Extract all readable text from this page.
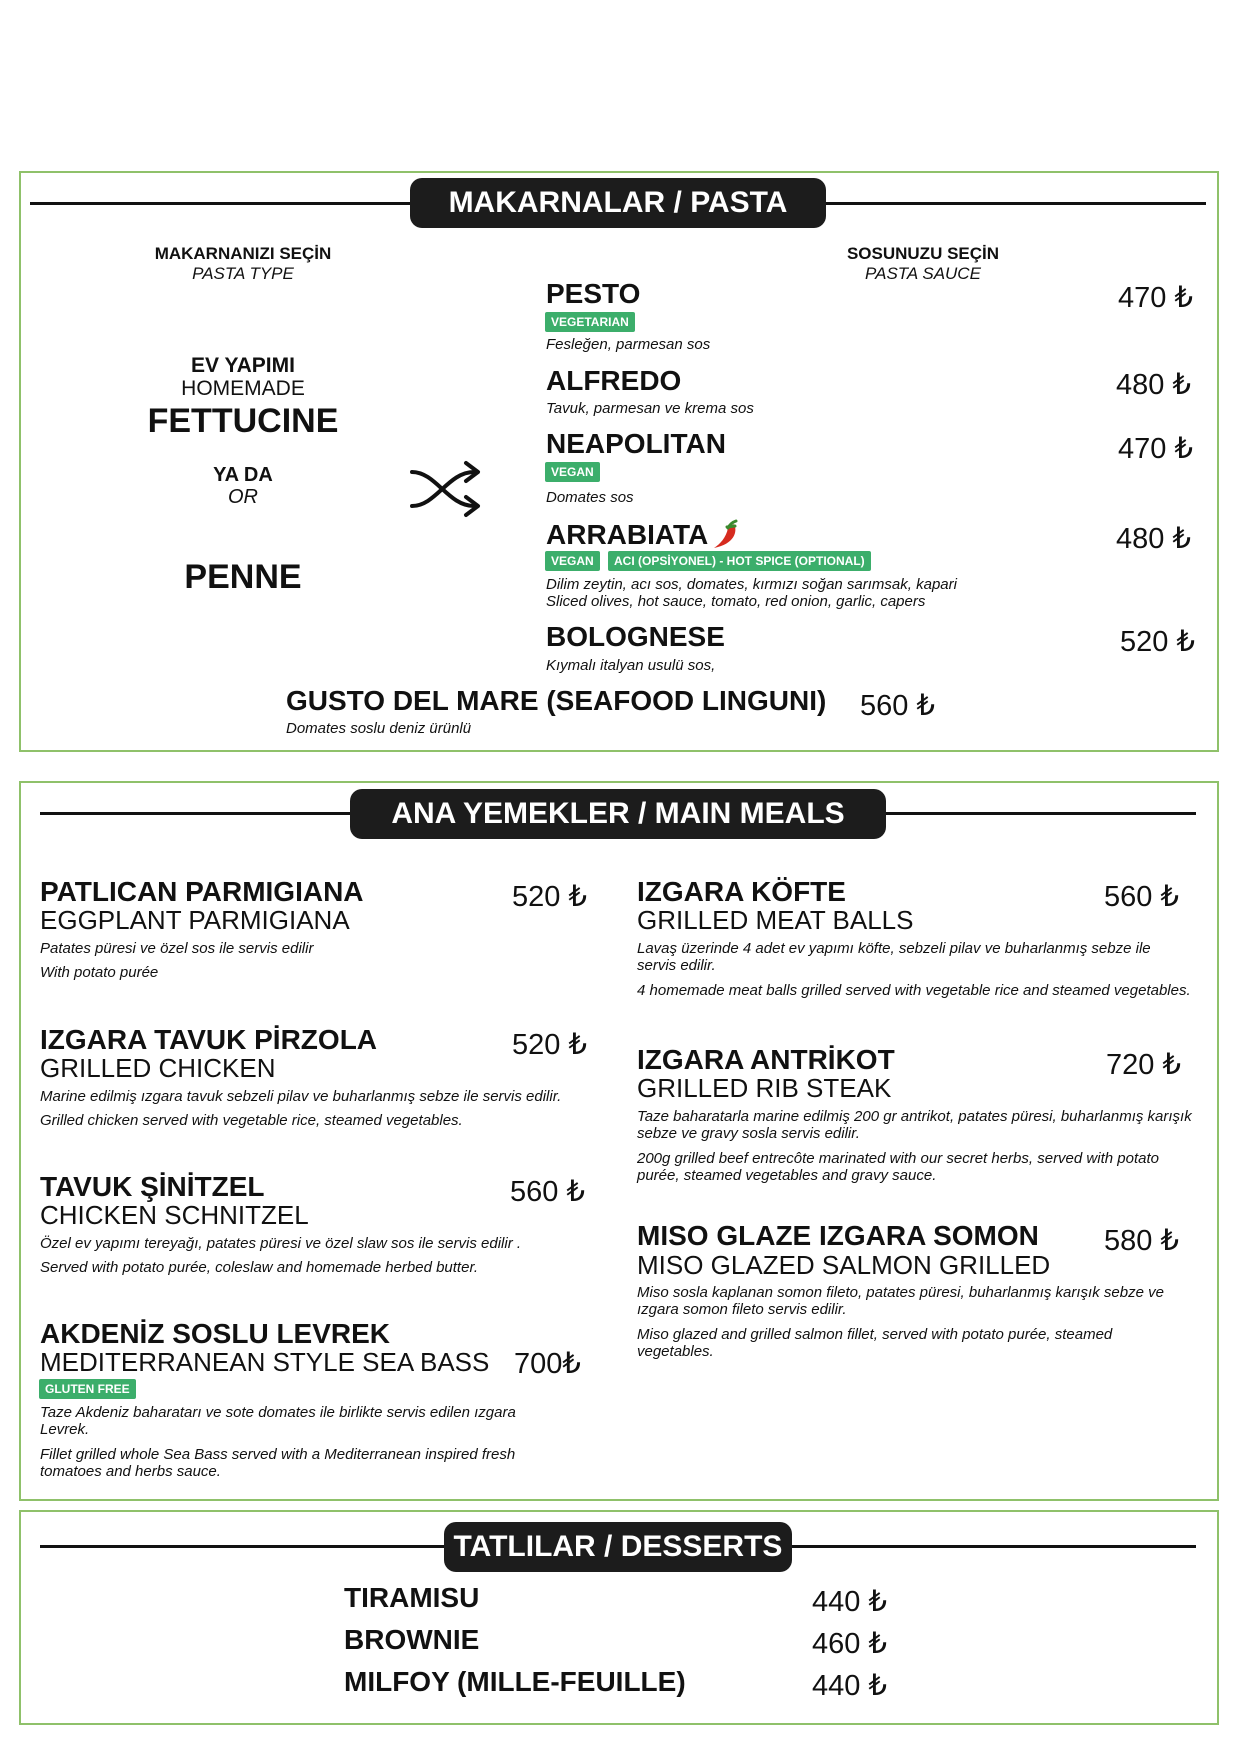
MAKARNALAR / PASTA
MAKARNANIZI SEÇİN
PASTA TYPE
SOSUNUZU SEÇİN
PASTA SAUCE
EV YAPIMI
HOMEMADE
FETTUCINE
YA DA
OR
PENNE
PESTO	470 ₺
VEGETARIAN
Fesleğen, parmesan sos
ALFREDO	480 ₺
Tavuk, parmesan ve krema sos
NEAPOLITAN	470 ₺
VEGAN
Domates sos
ARRABIATA	480 ₺
VEGAN	ACI (OPSİYONEL) - HOT SPICE (OPTIONAL)
Dilim zeytin, acı sos, domates, kırmızı soğan sarımsak, kapari
Sliced olives, hot sauce, tomato, red onion, garlic, capers
BOLOGNESE	520 ₺
Kıymalı italyan usulü sos,
GUSTO DEL MARE (SEAFOOD LINGUNI) 560 ₺
Domates soslu deniz ürünlü
ANA YEMEKLER / MAIN MEALS
PATLICAN PARMIGIANA
EGGPLANT PARMIGIANA
520 ₺
Patates püresi ve özel sos ile servis edilir
With potato purée
IZGARA TAVUK PİRZOLA
GRILLED CHICKEN
520 ₺
Marine edilmiş ızgara tavuk sebzeli pilav ve buharlanmış sebze ile servis edilir.
Grilled chicken served with vegetable rice, steamed vegetables.
TAVUK ŞİNİTZEL
CHICKEN SCHNITZEL
560 ₺
Özel ev yapımı tereyağı, patates püresi ve özel slaw sos ile servis edilir .
Served with potato purée, coleslaw and homemade herbed butter.
AKDENİZ SOSLU LEVREK
MEDITERRANEAN STYLE SEA BASS 700₺
GLUTEN FREE
Taze Akdeniz baharatarı ve sote domates ile birlikte servis edilen ızgara Levrek.
Fillet grilled whole Sea Bass served with a Mediterranean inspired fresh tomatoes and herbs sauce.
IZGARA KÖFTE
GRILLED MEAT BALLS
560 ₺
Lavaş üzerinde 4 adet ev yapımı köfte, sebzeli pilav ve buharlanmış sebze ile servis edilir.
4 homemade meat balls grilled served with vegetable rice and steamed vegetables.
IZGARA ANTRİKOT
GRILLED RIB STEAK
720 ₺
Taze baharatarla marine edilmiş 200 gr antrikot, patates püresi, buharlanmış karışık sebze ve gravy sosla servis edilir.
200g grilled beef entrecôte marinated with our secret herbs, served with potato purée, steamed vegetables and gravy sauce.
MISO GLAZE IZGARA SOMON
MISO GLAZED SALMON GRILLED
580 ₺
Miso sosla kaplanan somon fileto, patates püresi, buharlanmış karışık sebze ve ızgara somon fileto servis edilir.
Miso glazed and grilled salmon fillet, served with potato purée, steamed vegetables.
TATLILAR / DESSERTS
TIRAMISU	440 ₺
BROWNIE	460 ₺
MILFOY (MILLE-FEUILLE)	440 ₺
